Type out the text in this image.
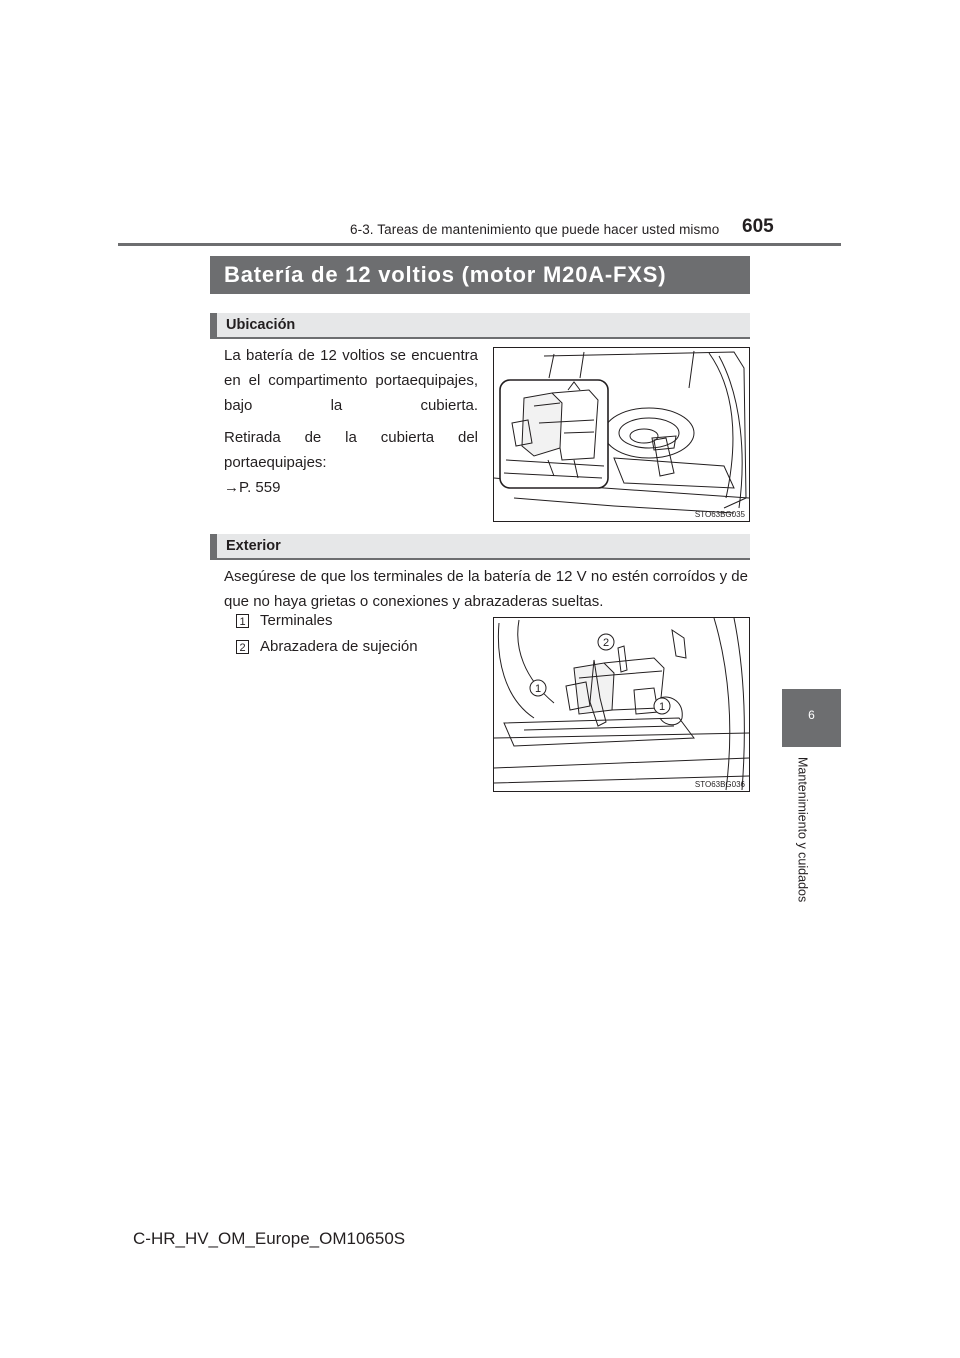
6-3. Tareas de mantenimiento que puede hacer usted mismo 605
6
Mantenimiento y cuidados
Batería de 12 voltios (motor M20A-FXS)
Ubicación

La batería de 12 voltios se encuentra en el compartimento portaequipajes, bajo la cubierta.

Retirada de la cubierta del portaequipajes:

→P. 559

STO63BG035
Exterior
Asegúrese de que los terminales de la batería de 12 V no estén corroídos y de que no haya grietas o conexiones y abrazaderas sueltas.
1 Terminales
2 Abrazadera de sujeción	2
1
1
STO63BG036
C-HR_HV_OM_Europe_OM10650S
